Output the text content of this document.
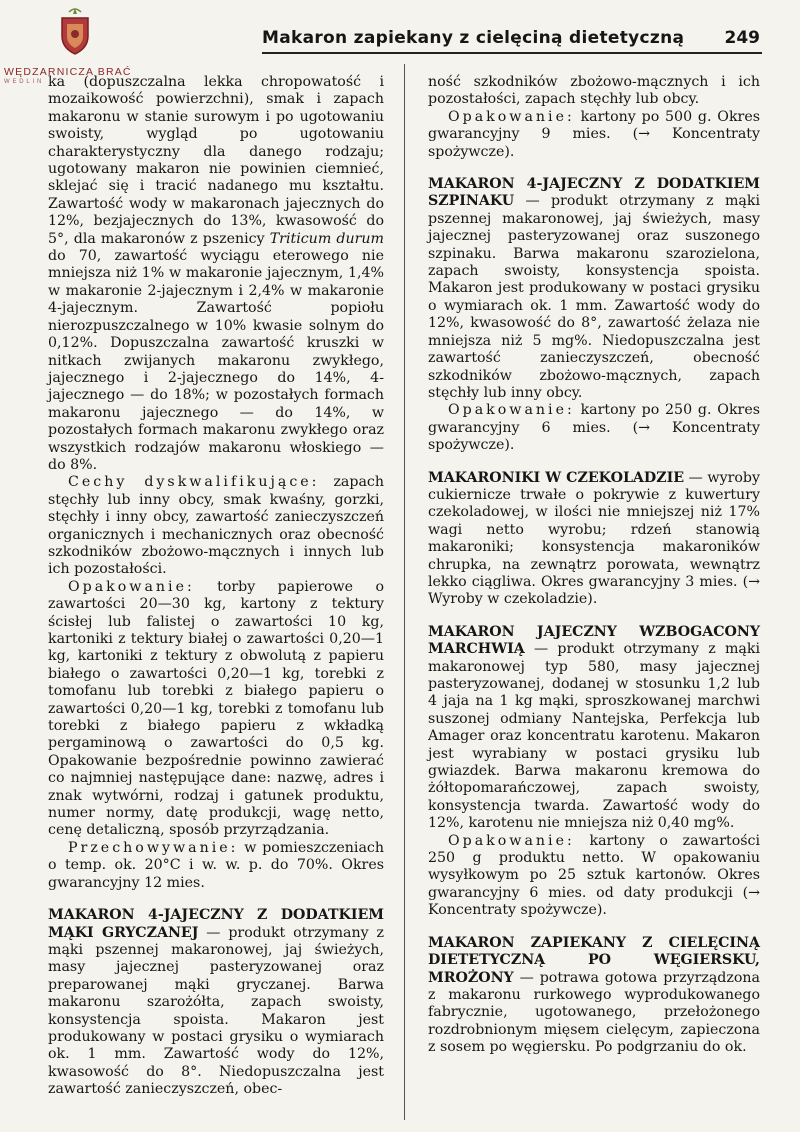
WĘDZARNICZA BRAĆ
WEDLIN
Makaron zapiekany z cielęciną dietetyczną 249

ka (dopuszczalna lekka chropowatość i mozaikowość powierzchni), smak i zapach makaronu w stanie surowym i po ugotowaniu swoisty, wygląd po ugotowaniu charakterystyczny dla danego rodzaju; ugotowany makaron nie powinien ciemnieć, sklejać się i tracić nadanego mu kształtu. Zawartość wody w makaronach jajecznych do 12%, bezjajecznych do 13%, kwasowość do 5°, dla makaronów z pszenicy Triticum durum do 70, zawartość wyciągu eterowego nie mniejsza niż 1% w makaronie jajecznym, 1,4% w makaronie 2-jajecznym i 2,4% w makaronie 4-jajecznym. Zawartość popiołu nierozpuszczalnego w 10% kwasie solnym do 0,12%. Dopuszczalna zawartość kruszki w nitkach zwijanych makaronu zwykłego, jajecznego i 2-jajecznego do 14%, 4-jajecznego — do 18%; w pozostałych formach makaronu jajecznego — do 14%, w pozostałych formach makaronu zwykłego oraz wszystkich rodzajów makaronu włoskiego — do 8%.

Cechy dyskwalifikujące: zapach stęchły lub inny obcy, smak kwaśny, gorzki, stęchły i inny obcy, zawartość zanieczyszczeń organicznych i mechanicznych oraz obecność szkodników zbożowo-mącznych i innych lub ich pozostałości.

Opakowanie: torby papierowe o zawartości 20—30 kg, kartony z tektury ścisłej lub falistej o zawartości 10 kg, kartoniki z tektury białej o zawartości 0,20—1 kg, kartoniki z tektury z obwolutą z papieru białego o zawartości 0,20—1 kg, torebki z tomofanu lub torebki z białego papieru o zawartości 0,20—1 kg, torebki z tomofanu lub torebki z białego papieru z wkładką pergaminową o zawartości do 0,5 kg. Opakowanie bezpośrednie powinno zawierać co najmniej następujące dane: nazwę, adres i znak wytwórni, rodzaj i gatunek produktu, numer normy, datę produkcji, wagę netto, cenę detaliczną, sposób przyrządzania.

Przechowywanie: w pomieszczeniach o temp. ok. 20°C i w. w. p. do 70%. Okres gwarancyjny 12 mies.

MAKARON 4-JAJECZNY Z DODATKIEM MĄKI GRYCZANEJ — produkt otrzymany z mąki pszennej makaronowej, jaj świeżych, masy jajecznej pasteryzowanej oraz preparowanej mąki gryczanej. Barwa makaronu szarożółta, zapach swoisty, konsystencja spoista. Makaron jest produkowany w postaci grysiku o wymiarach ok. 1 mm. Zawartość wody do 12%, kwasowość do 8°. Niedopuszczalna jest zawartość zanieczyszczeń, obec-

ność szkodników zbożowo-mącznych i ich pozostałości, zapach stęchły lub obcy.

Opakowanie: kartony po 500 g. Okres gwarancyjny 9 mies. (→ Koncentraty spożywcze).

MAKARON 4-JAJECZNY Z DODATKIEM SZPINAKU — produkt otrzymany z mąki pszennej makaronowej, jaj świeżych, masy jajecznej pasteryzowanej oraz suszonego szpinaku. Barwa makaronu szarozielona, zapach swoisty, konsystencja spoista. Makaron jest produkowany w postaci grysiku o wymiarach ok. 1 mm. Zawartość wody do 12%, kwasowość do 8°, zawartość żelaza nie mniejsza niż 5 mg%. Niedopuszczalna jest zawartość zanieczyszczeń, obecność szkodników zbożowo-mącznych, zapach stęchły lub inny obcy.

Opakowanie: kartony po 250 g. Okres gwarancyjny 6 mies. (→ Koncentraty spożywcze).

MAKARONIKI W CZEKOLADZIE — wyroby cukiernicze trwałe o pokrywie z kuwertury czekoladowej, w ilości nie mniejszej niż 17% wagi netto wyrobu; rdzeń stanowią makaroniki; konsystencja makaroników chrupka, na zewnątrz porowata, wewnątrz lekko ciągliwa. Okres gwarancyjny 3 mies. (→ Wyroby w czekoladzie).

MAKARON JAJECZNY WZBOGACONY MARCHWIĄ — produkt otrzymany z mąki makaronowej typ 580, masy jajecznej pasteryzowanej, dodanej w stosunku 1,2 lub 4 jaja na 1 kg mąki, sproszkowanej marchwi suszonej odmiany Nantejska, Perfekcja lub Amager oraz koncentratu karotenu. Makaron jest wyrabiany w postaci grysiku lub gwiazdek. Barwa makaronu kremowa do żółtopomarańczowej, zapach swoisty, konsystencja twarda. Zawartość wody do 12%, karotenu nie mniejsza niż 0,40 mg%.

Opakowanie: kartony o zawartości 250 g produktu netto. W opakowaniu wysyłkowym po 25 sztuk kartonów. Okres gwarancyjny 6 mies. od daty produkcji (→ Koncentraty spożywcze).

MAKARON ZAPIEKANY Z CIELĘCINĄ DIETETYCZNĄ PO WĘGIERSKU, MROŻONY — potrawa gotowa przyrządzona z makaronu rurkowego wyprodukowanego fabrycznie, ugotowanego, przełożonego rozdrobnionym mięsem cielęcym, zapieczona z sosem po węgiersku. Po podgrzaniu do ok.
